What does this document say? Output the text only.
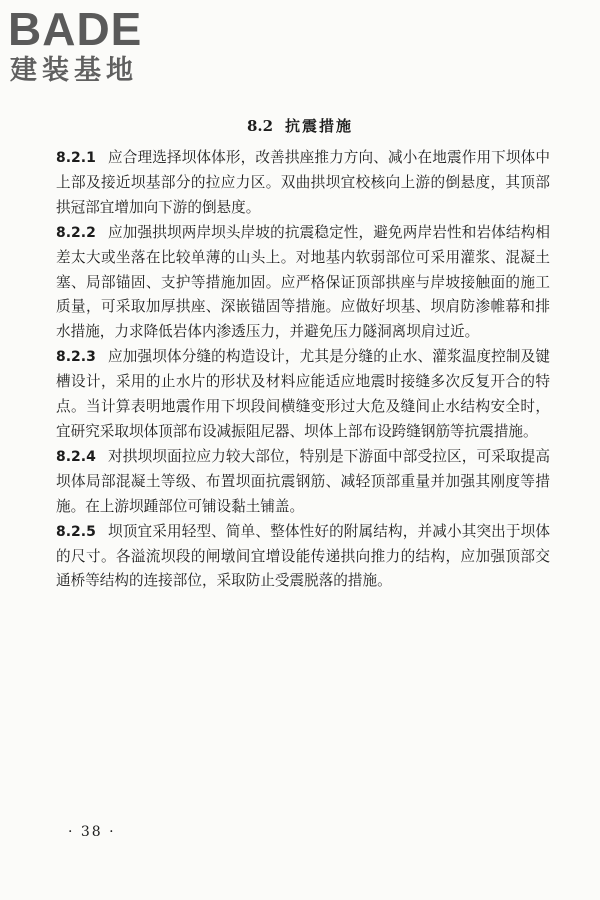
BADE
建装基地
8.2 抗震措施

8.2.1 应合理选择坝体体形，改善拱座推力方向、减小在地震作用下坝体中上部及接近坝基部分的拉应力区。双曲拱坝宜校核向上游的倒悬度，其顶部拱冠部宜增加向下游的倒悬度。

8.2.2 应加强拱坝两岸坝头岸坡的抗震稳定性，避免两岸岩性和岩体结构相差太大或坐落在比较单薄的山头上。对地基内软弱部位可采用灌浆、混凝土塞、局部锚固、支护等措施加固。应严格保证顶部拱座与岸坡接触面的施工质量，可采取加厚拱座、深嵌锚固等措施。应做好坝基、坝肩防渗帷幕和排水措施，力求降低岩体内渗透压力，并避免压力隧洞离坝肩过近。

8.2.3 应加强坝体分缝的构造设计，尤其是分缝的止水、灌浆温度控制及键槽设计，采用的止水片的形状及材料应能适应地震时接缝多次反复开合的特点。当计算表明地震作用下坝段间横缝变形过大危及缝间止水结构安全时，宜研究采取坝体顶部布设减振阻尼器、坝体上部布设跨缝钢筋等抗震措施。

8.2.4 对拱坝坝面拉应力较大部位，特别是下游面中部受拉区，可采取提高坝体局部混凝土等级、布置坝面抗震钢筋、减轻顶部重量并加强其刚度等措施。在上游坝踵部位可铺设黏土铺盖。

8.2.5 坝顶宜采用轻型、简单、整体性好的附属结构，并减小其突出于坝体的尺寸。各溢流坝段的闸墩间宜增设能传递拱向推力的结构，应加强顶部交通桥等结构的连接部位，采取防止受震脱落的措施。

· 38 ·
